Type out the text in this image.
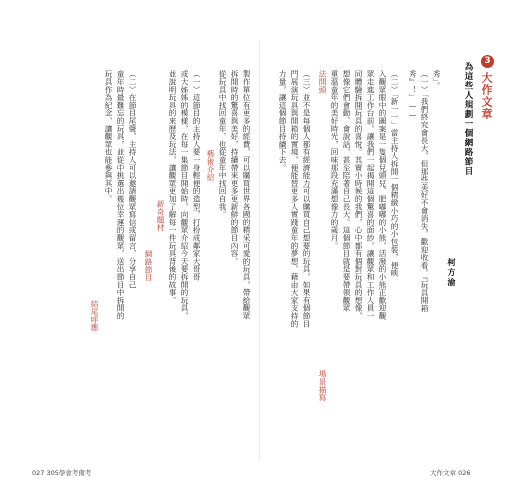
3
大作文章
為這些人規劃一個網路節目
柯方渝
秀」。
（一）「我們終究會長大，但那些美好不會消失，歡迎收看，『玩具開箱
秀』！」——
（二）「新一一」當主持人拆開一個精緻小巧的小包裝，便映
入觀眾眼中的圖案是一隻個兒頭兒、肥嘟嘟的小熊，活潑的小熊正歡迎觀
眾走進工作台前，讓我們一起揭開這個驚喜的面紗，讓觀眾和工作人員一
同體驗拆開玩具的喜悅。其實小時候的我們，心中都有個對玩具的想像，
想像它們會動、會說話，甚至陪著自己長大。這個節目就是要帶領觀眾
重溫童年的美好時光，回味那段充滿想像力的歲月。
法開頭
場景描寫
（三）並不是每個人都有經濟能力可以購買自己想要的玩具，如果有個節目
門展演玩具與開箱的實境，便能替更多人實踐童年的夢想，藉由大家支持的
力量，讓這個節目持續下去。
製作單位有更多的經費，可以購買世界各國的精采可愛的玩具，帶給觀眾
拆開時的驚喜與美好，持續帶來更多更新鮮的節目內容。
從玩具中找回童年，也從童年中找回自我。
藝術介紹
（一）這節目的主持人要一身輕便的造型，打扮成鄰家大哥哥
或大姊姊的模樣，在每一集節目開始時，向觀眾介紹今天要拆開的玩具，
並說明玩具的來歷及玩法，讓觀眾更加了解每一件玩具背後的故事。
新奇題材
網路節目
（二）在節目尾聲，主持人可以邀請觀眾寫信或留言，分享自己
童年時最難忘的玩具，並從中挑選出幾位幸運的觀眾，送出節目中拆開的
玩具作為紀念，讓觀眾也能參與其中。
結尾呼應
027 305學會考備考	大作文章 026
